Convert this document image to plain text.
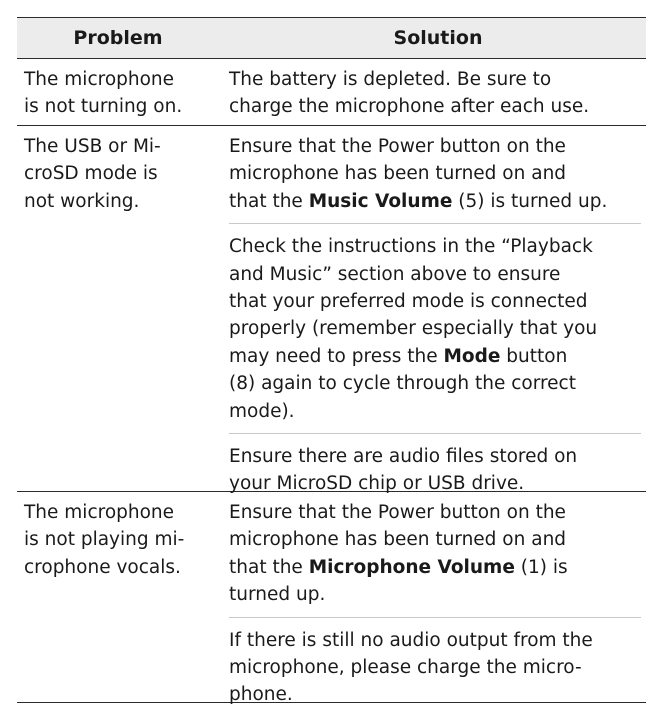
Problem	Solution
The microphone
is not turning on.
The battery is depleted. Be sure to
charge the microphone after each use.
The USB or Mi-
croSD mode is
not working.
Ensure that the Power button on the
microphone has been turned on and
that the Music Volume (5) is turned up.
Check the instructions in the “Playback
and Music” section above to ensure
that your preferred mode is connected
properly (remember especially that you
may need to press the Mode button
(8) again to cycle through the correct
mode).
Ensure there are audio files stored on
your MicroSD chip or USB drive.
The microphone
is not playing mi-
crophone vocals.
Ensure that the Power button on the
microphone has been turned on and
that the Microphone Volume (1) is
turned up.
If there is still no audio output from the
microphone, please charge the micro-
phone.
